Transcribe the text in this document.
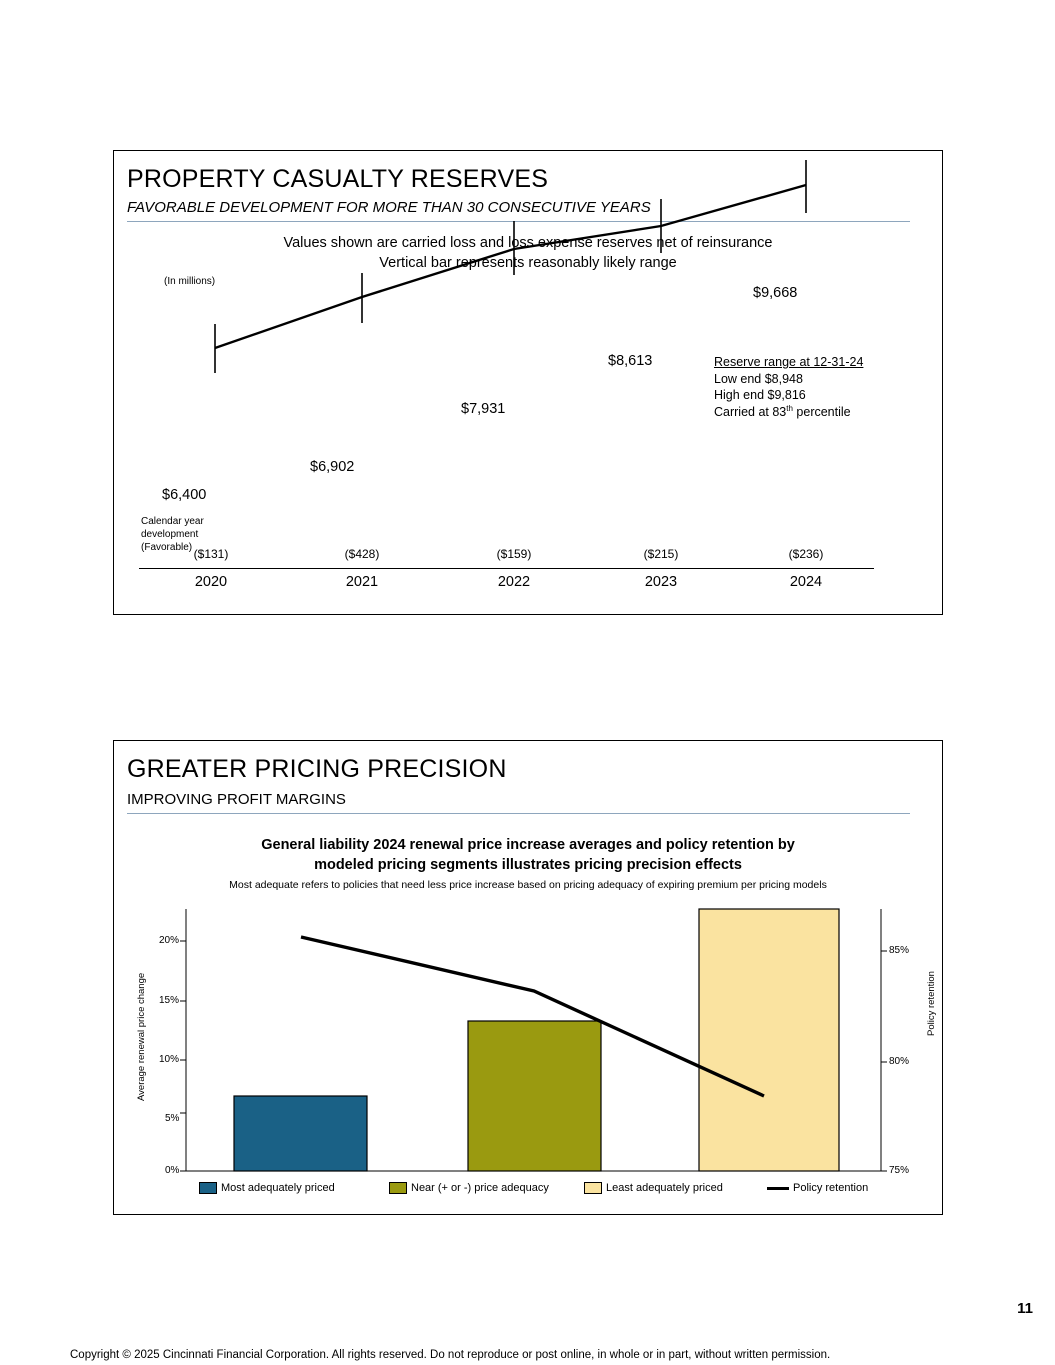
PROPERTY CASUALTY RESERVES
FAVORABLE DEVELOPMENT FOR MORE THAN 30 CONSECUTIVE YEARS
Values shown are carried loss and loss expense reserves net of reinsurance
Vertical bar represents reasonably likely range
(In millions)
$6,400
$6,902
$7,931
$8,613
$9,668
Reserve range at 12-31-24
Low end $8,948
High end $9,816
Carried at 83th percentile
Calendar year
development
(Favorable) ($131)	($428)	($159)	($215)	($236)
2020	2021	2022	2023	2024
GREATER PRICING PRECISION
IMPROVING PROFIT MARGINS
General liability 2024 renewal price increase averages and policy retention by
modeled pricing segments illustrates pricing precision effects
Most adequate refers to policies that need less price increase based on pricing adequacy of expiring premium per pricing models
Average renewal price change	Policy retention
20%
15%
10%
5%
0%
85%
80%
75%
Most adequately priced	Near (+ or -) price adequacy	Least adequately priced	Policy retention
11
Copyright © 2025 Cincinnati Financial Corporation. All rights reserved. Do not reproduce or post online, in whole or in part, without written permission.
